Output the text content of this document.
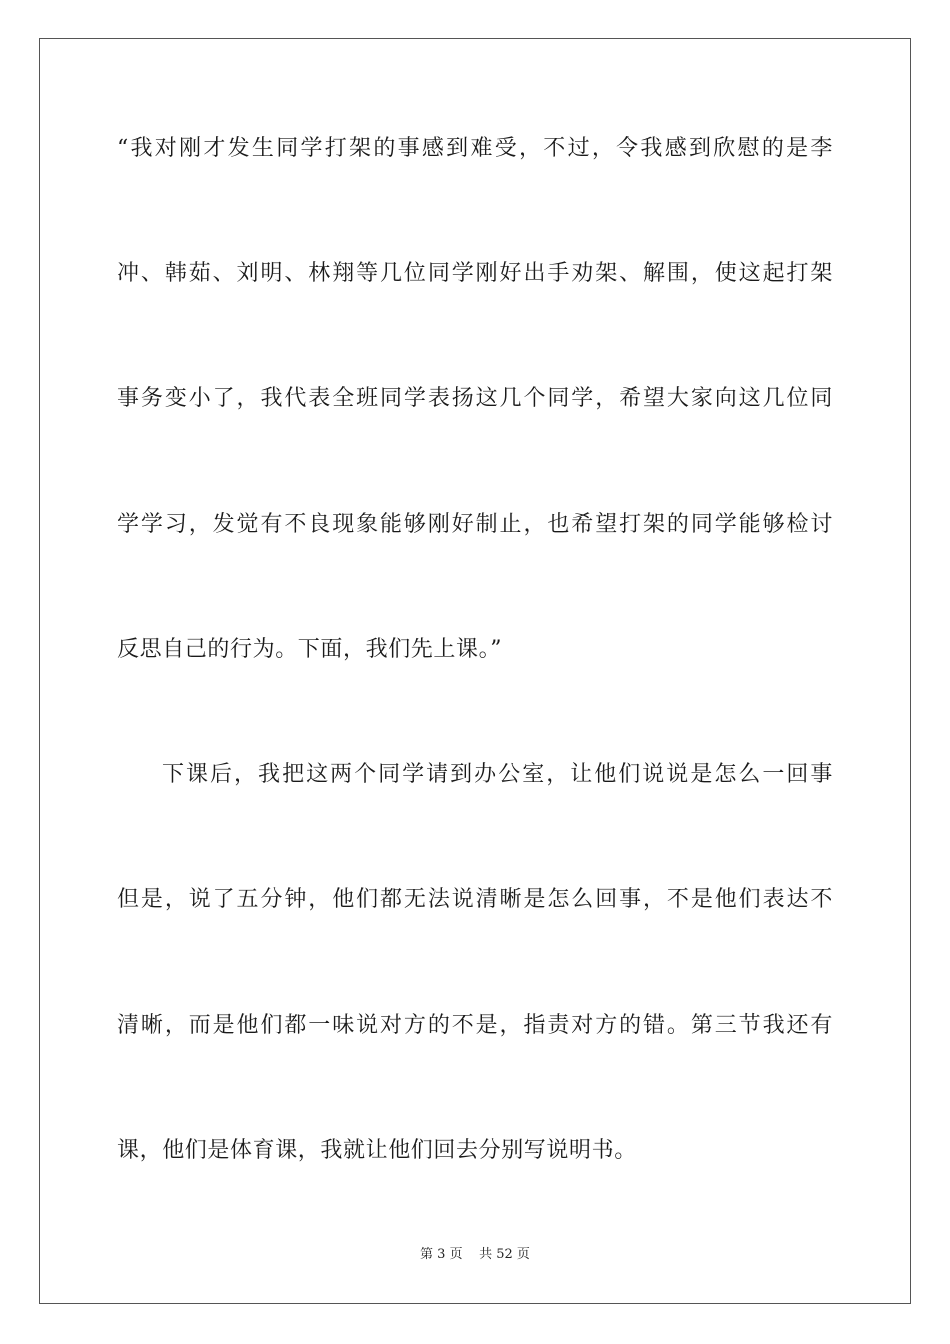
“我对刚才发生同学打架的事感到难受，不过，令我感到欣慰的是李
冲、韩茹、刘明、林翔等几位同学刚好出手劝架、解围，使这起打架
事务变小了，我代表全班同学表扬这几个同学，希望大家向这几位同
学学习，发觉有不良现象能够刚好制止，也希望打架的同学能够检讨
反思自己的行为。下面，我们先上课。”
下课后，我把这两个同学请到办公室，让他们说说是怎么一回事
但是，说了五分钟，他们都无法说清晰是怎么回事，不是他们表达不
清晰，而是他们都一味说对方的不是，指责对方的错。第三节我还有
课，他们是体育课，我就让他们回去分别写说明书。
第 3 页 共 52 页
